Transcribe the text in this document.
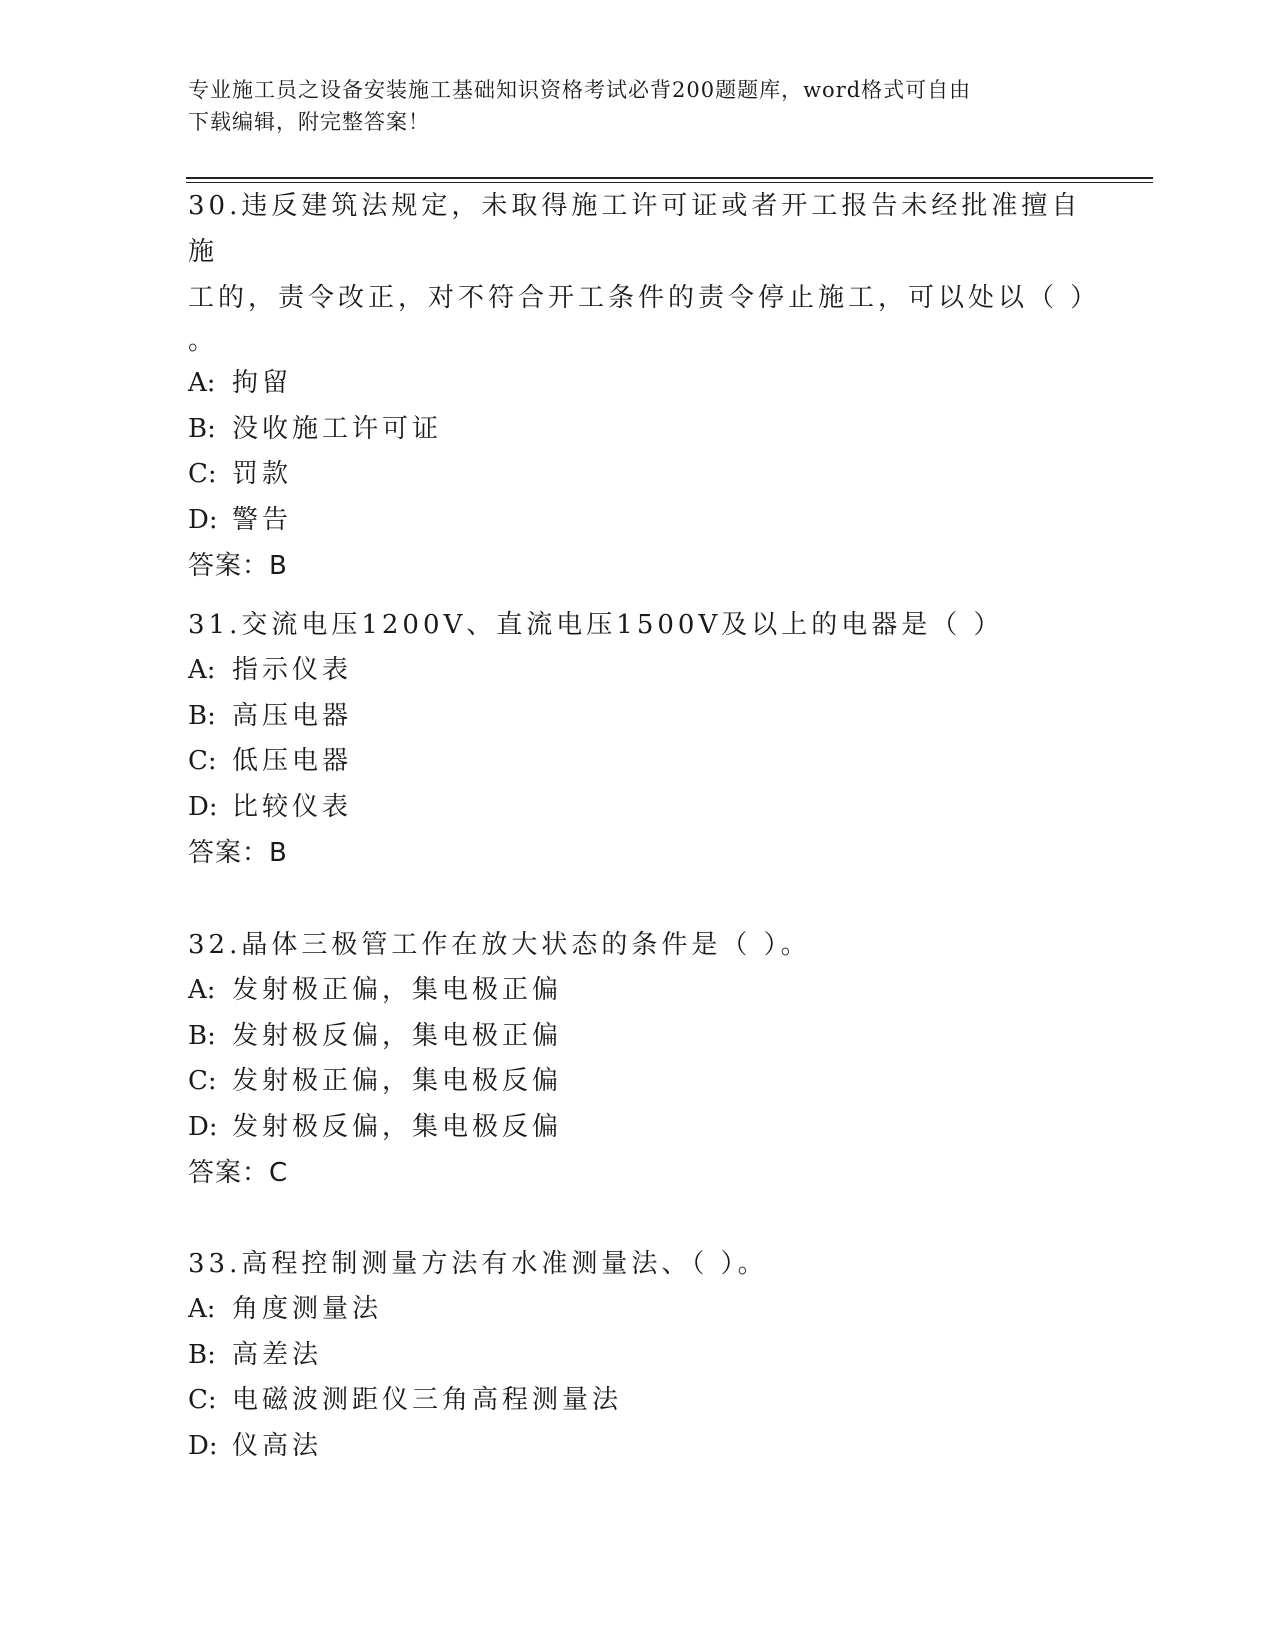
专业施工员之设备安装施工基础知识资格考试必背200题题库，word格式可自由
下载编辑，附完整答案！

30.违反建筑法规定，未取得施工许可证或者开工报告未经批准擅自施

工的，责令改正，对不符合开工条件的责令停止施工，可以处以（ ）

。

A: 拘留

B: 没收施工许可证

C: 罚款

D: 警告

答案：B

31.交流电压1200V、直流电压1500V及以上的电器是（ ）

A: 指示仪表

B: 高压电器

C: 低压电器

D: 比较仪表

答案：B

32.晶体三极管工作在放大状态的条件是（ ）。

A: 发射极正偏，集电极正偏

B: 发射极反偏，集电极正偏

C: 发射极正偏，集电极反偏

D: 发射极反偏，集电极反偏

答案：C

33.高程控制测量方法有水准测量法、（ ）。

A: 角度测量法

B: 高差法

C: 电磁波测距仪三角高程测量法

D: 仪高法
